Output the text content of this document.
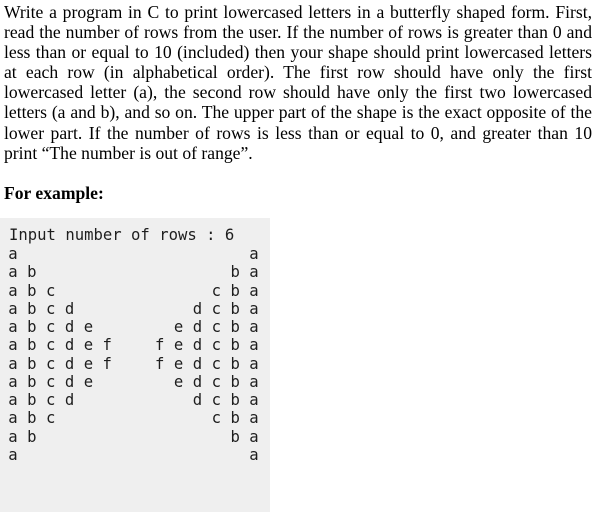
Write a program in C to print lowercased letters in a butterfly shaped form. First, read the number of rows from the user. If the number of rows is greater than 0 and less than or equal to 10 (included) then your shape should print lowercased letters at each row (in alphabetical order). The first row should have only the first lowercased letter (a), the second row should have only the first two lowercased letters (a and b), and so on. The upper part of the shape is the exact opposite of the lower part. If the number of rows is less than or equal to 0, and greater than 10 print “The number is out of range”.

For example:

Input number of rows : 6
a	a
a b	b a
a b c	c b a
a b c d	d c b a
a b c d e	e d c b a
a b c d e f	f e d c b a
a b c d e f	f e d c b a
a b c d e	e d c b a
a b c d	d c b a
a b c	c b a
a b	b a
a	a
